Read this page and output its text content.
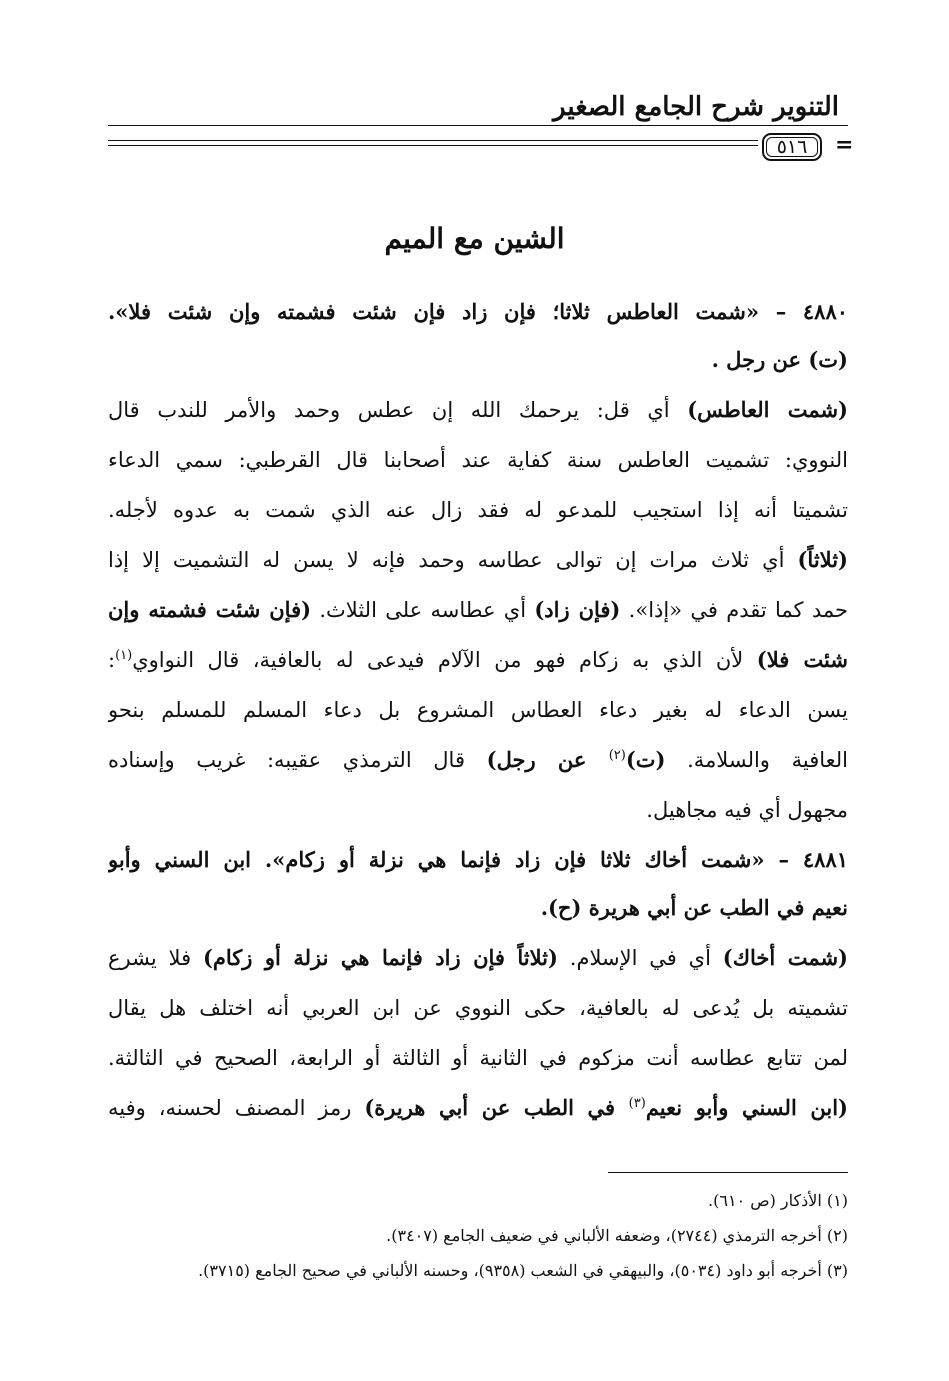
التنوير شرح الجامع الصغير
٥١٦	=
الشين مع الميم
٤٨٨٠ – «شمت العاطس ثلاثا؛ فإن زاد فإن شئت فشمته وإن شئت فلا».
(ت) عن رجل .
(شمت العاطس) أي قل: يرحمك الله إن عطس وحمد والأمر للندب قال
النووي: تشميت العاطس سنة كفاية عند أصحابنا قال القرطبي: سمي الدعاء
تشميتا أنه إذا استجيب للمدعو له فقد زال عنه الذي شمت به عدوه لأجله.
(ثلاثاً) أي ثلاث مرات إن توالى عطاسه وحمد فإنه لا يسن له التشميت إلا إذا
حمد كما تقدم في «إذا». (فإن زاد) أي عطاسه على الثلاث. (فإن شئت فشمته وإن
شئت فلا) لأن الذي به زكام فهو من الآلام فيدعى له بالعافية، قال النواوي$^{(١)}$:
يسن الدعاء له بغير دعاء العطاس المشروع بل دعاء المسلم للمسلم بنحو
العافية والسلامة. (ت)$^{(٢)}$ عن رجل) قال الترمذي عقيبه: غريب وإسناده
مجهول أي فيه مجاهيل.
٤٨٨١ – «شمت أخاك ثلاثا فإن زاد فإنما هي نزلة أو زكام». ابن السني وأبو
نعيم في الطب عن أبي هريرة (ح).
(شمت أخاك) أي في الإسلام. (ثلاثاً فإن زاد فإنما هي نزلة أو زكام) فلا يشرع
تشميته بل يُدعى له بالعافية، حكى النووي عن ابن العربي أنه اختلف هل يقال
لمن تتابع عطاسه أنت مزكوم في الثانية أو الثالثة أو الرابعة، الصحيح في الثالثة.
(ابن السني وأبو نعيم$^{(٣)}$ في الطب عن أبي هريرة) رمز المصنف لحسنه، وفيه
(١) الأذكار (ص ٦١٠).
(٢) أخرجه الترمذي (٢٧٤٤)، وضعفه الألباني في ضعيف الجامع (٣٤٠٧).
(٣) أخرجه أبو داود (٥٠٣٤)، والبيهقي في الشعب (٩٣٥٨)، وحسنه الألباني في صحيح الجامع (٣٧١٥).
